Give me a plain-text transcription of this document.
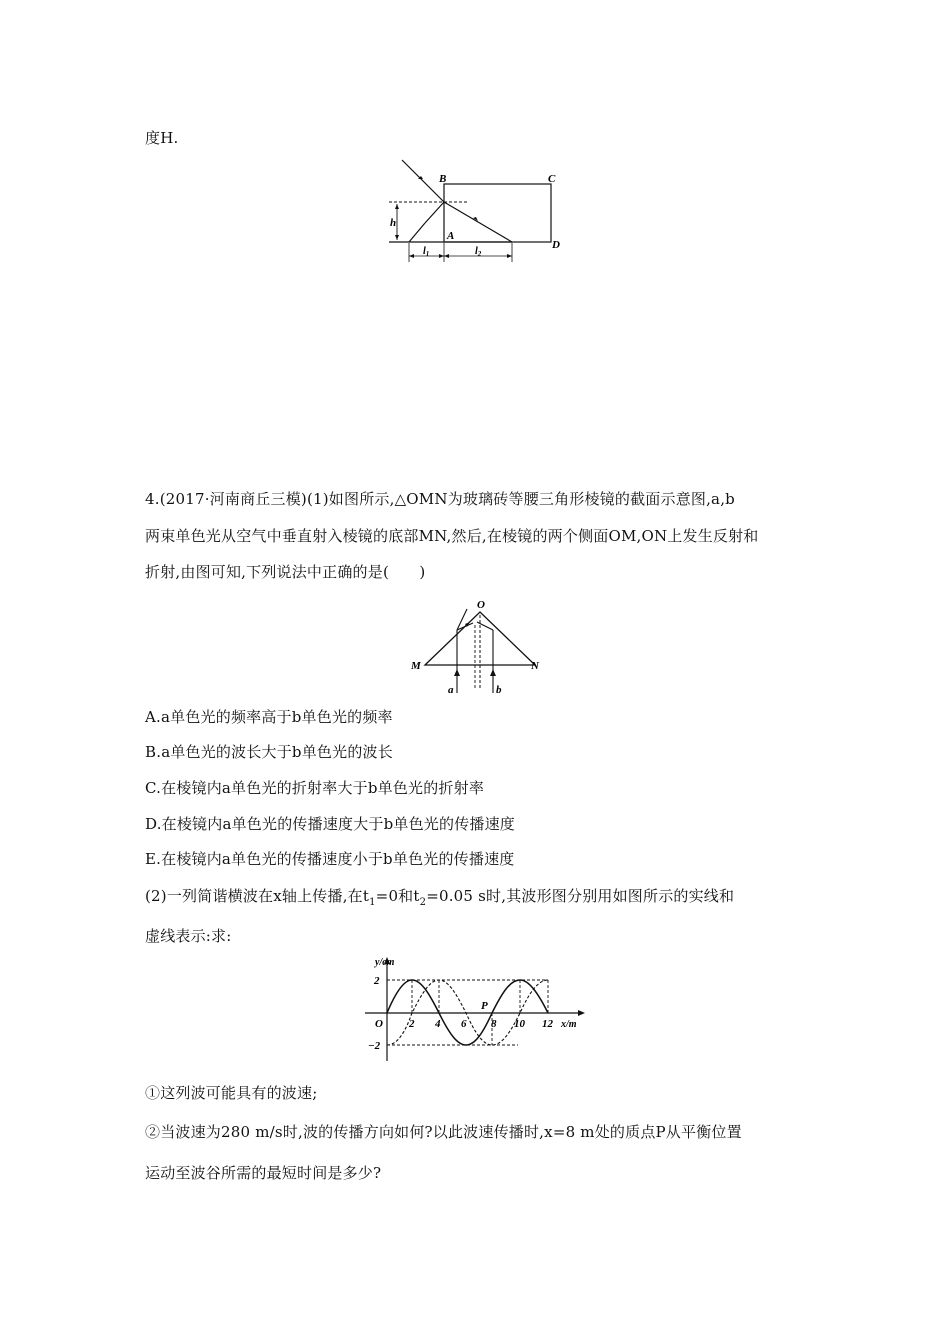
度H.
B	C
D
A
h
$l_1$	$l_2$
4.(2017·河南商丘三模)(1)如图所示,△OMN为玻璃砖等腰三角形棱镜的截面示意图,a,b
两束单色光从空气中垂直射入棱镜的底部MN,然后,在棱镜的两个侧面OM,ON上发生反射和
折射,由图可知,下列说法中正确的是(　　)
O
M	N
a	b
A.a单色光的频率高于b单色光的频率
B.a单色光的波长大于b单色光的波长
C.在棱镜内a单色光的折射率大于b单色光的折射率
D.在棱镜内a单色光的传播速度大于b单色光的传播速度
E.在棱镜内a单色光的传播速度小于b单色光的传播速度
(2)一列简谐横波在x轴上传播,在$t_1=0$和$t_2=0.05$ s时,其波形图分别用如图所示的实线和
虚线表示:求:
y/cm
x/m
2
−2
O
P
2 4 6 8 10 12
①这列波可能具有的波速;
②当波速为280 m/s时,波的传播方向如何?以此波速传播时,x=8 m处的质点P从平衡位置
运动至波谷所需的最短时间是多少?
